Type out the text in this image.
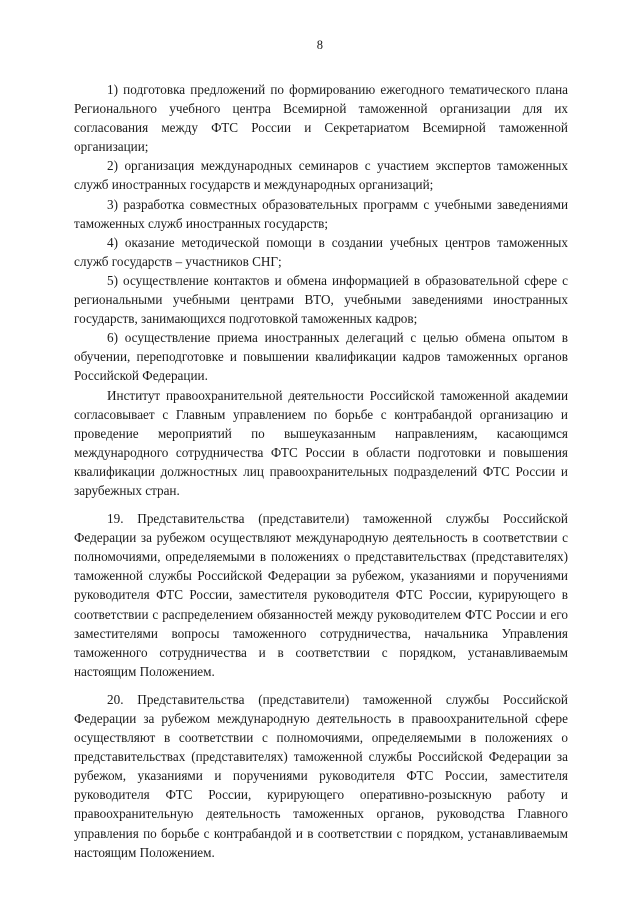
8

1) подготовка предложений по формированию ежегодного тематического плана Регионального учебного центра Всемирной таможенной организации для их согласования между ФТС России и Секретариатом Всемирной таможенной организации;

2) организация международных семинаров с участием экспертов таможенных служб иностранных государств и международных организаций;

3) разработка совместных образовательных программ с учебными заведениями таможенных служб иностранных государств;

4) оказание методической помощи в создании учебных центров таможенных служб государств – участников СНГ;

5) осуществление контактов и обмена информацией в образовательной сфере с региональными учебными центрами ВТО, учебными заведениями иностранных государств, занимающихся подготовкой таможенных кадров;

6) осуществление приема иностранных делегаций с целью обмена опытом в обучении, переподготовке и повышении квалификации кадров таможенных органов Российской Федерации.

Институт правоохранительной деятельности Российской таможенной академии согласовывает с Главным управлением по борьбе с контрабандой организацию и проведение мероприятий по вышеуказанным направлениям, касающимся международного сотрудничества ФТС России в области подготовки и повышения квалификации должностных лиц правоохранительных подразделений ФТС России и зарубежных стран.

19. Представительства (представители) таможенной службы Российской Федерации за рубежом осуществляют международную деятельность в соответствии с полномочиями, определяемыми в положениях о представительствах (представителях) таможенной службы Российской Федерации за рубежом, указаниями и поручениями руководителя ФТС России, заместителя руководителя ФТС России, курирующего в соответствии с распределением обязанностей между руководителем ФТС России и его заместителями вопросы таможенного сотрудничества, начальника Управления таможенного сотрудничества и в соответствии с порядком, устанавливаемым настоящим Положением.

20. Представительства (представители) таможенной службы Российской Федерации за рубежом международную деятельность в правоохранительной сфере осуществляют в соответствии с полномочиями, определяемыми в положениях о представительствах (представителях) таможенной службы Российской Федерации за рубежом, указаниями и поручениями руководителя ФТС России, заместителя руководителя ФТС России, курирующего оперативно-розыскную работу и правоохранительную деятельность таможенных органов, руководства Главного управления по борьбе с контрабандой и в соответствии с порядком, устанавливаемым настоящим Положением.
